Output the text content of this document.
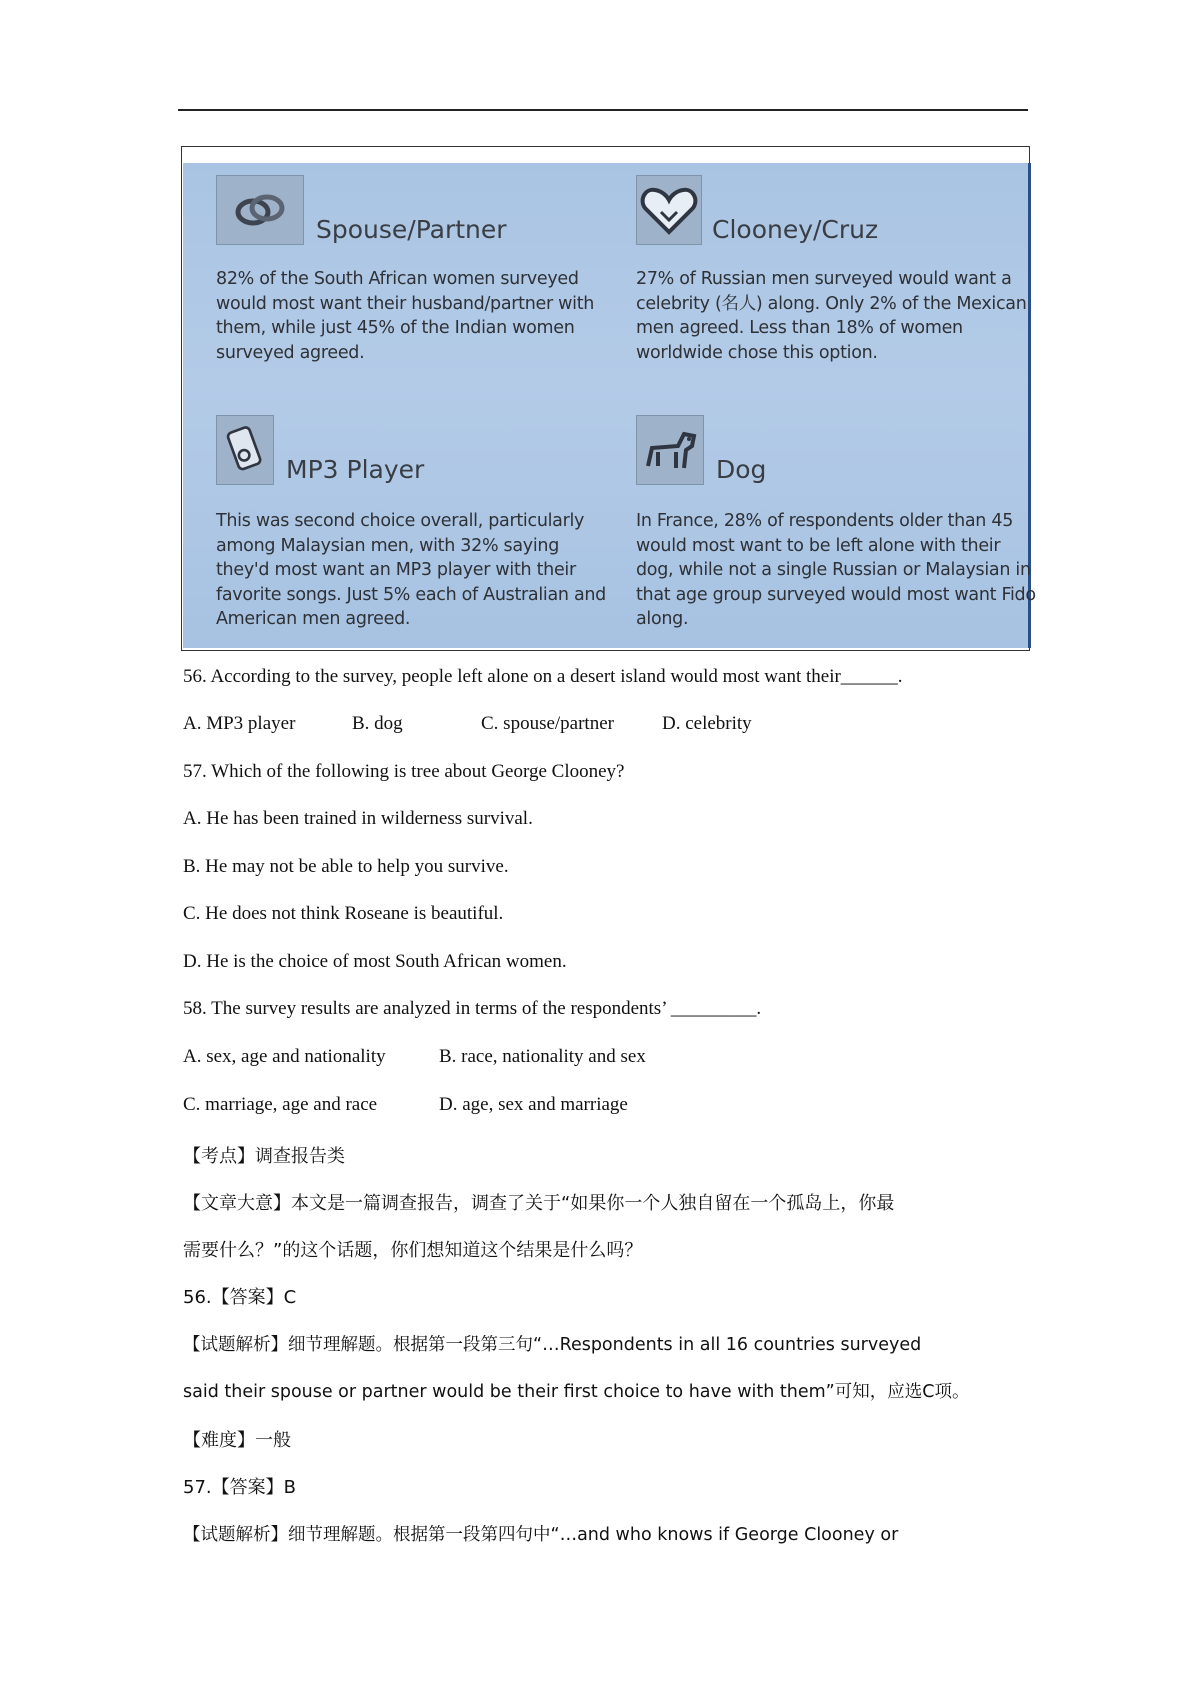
Spouse/Partner
82% of the South African women surveyed would most want their husband/partner with them, while just 45% of the Indian women surveyed agreed.
Clooney/Cruz
27% of Russian men surveyed would want a celebrity (名人) along. Only 2% of the Mexican men agreed. Less than 18% of women worldwide chose this option.
MP3 Player
This was second choice overall, particularly among Malaysian men, with 32% saying they'd most want an MP3 player with their favorite songs. Just 5% each of Australian and American men agreed.
Dog
In France, 28% of respondents older than 45 would most want to be left alone with their dog, while not a single Russian or Malaysian in that age group surveyed would most want Fido along.
56. According to the survey, people left alone on a desert island would most want their______.
A. MP3 player	B. dog	C. spouse/partner	D. celebrity
57. Which of the following is tree about George Clooney?
A. He has been trained in wilderness survival.
B. He may not be able to help you survive.
C. He does not think Roseane is beautiful.
D. He is the choice of most South African women.
58. The survey results are analyzed in terms of the respondents’ _________.
A. sex, age and nationality	B. race, nationality and sex
C. marriage, age and race	D. age, sex and marriage
【考点】调查报告类
【文章大意】本文是一篇调查报告，调查了关于“如果你一个人独自留在一个孤岛上，你最
需要什么？”的这个话题，你们想知道这个结果是什么吗？
56.【答案】C
【试题解析】细节理解题。根据第一段第三句“…Respondents in all 16 countries surveyed
said their spouse or partner would be their first choice to have with them”可知，应选C项。
【难度】一般
57.【答案】B
【试题解析】细节理解题。根据第一段第四句中“…and who knows if George Clooney or
